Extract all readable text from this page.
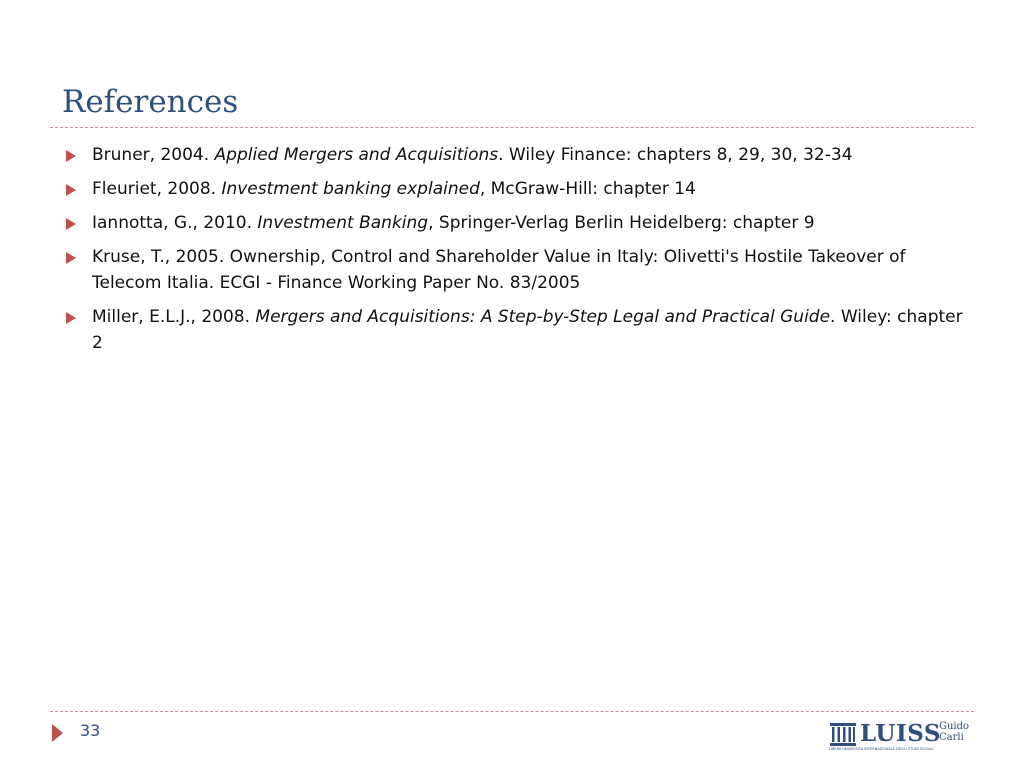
References
Bruner, 2004. Applied Mergers and Acquisitions. Wiley Finance: chapters 8, 29, 30, 32-34
Fleuriet, 2008. Investment banking explained, McGraw-Hill: chapter 14
Iannotta, G., 2010. Investment Banking, Springer-Verlag Berlin Heidelberg: chapter 9
Kruse, T., 2005. Ownership, Control and Shareholder Value in Italy: Olivetti's Hostile Takeover of Telecom Italia. ECGI - Finance Working Paper No. 83/2005
Miller, E.L.J., 2008. Mergers and Acquisitions: A Step-by-Step Legal and Practical Guide. Wiley: chapter 2
33	LUISS
Guido
Carli
LIBERA UNIVERSITÀ INTERNAZIONALE DEGLI STUDI SOCIALI
